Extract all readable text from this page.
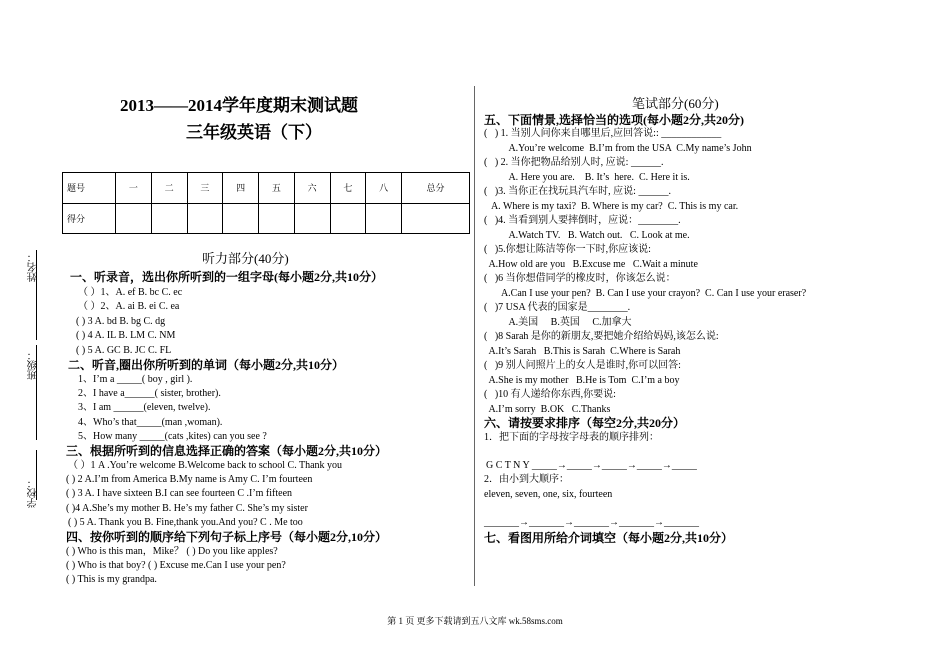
姓名：
班级：
学校：
2013——2014学年度期末测试题
三年级英语（下）
题号	一	二	三	四	五	六	七	八	总分
得分									
听力部分(40分)
一、听录音，选出你所听到的一组字母(每小题2分,共10分）
（ ）1、A. ef B. bc C. ec
（ ）2、A. ai B. ei C. ea
( ) 3 A. bd B. bg C. dg
( ) 4 A. IL B. LM C. NM
( ) 5 A. GC B. JC C. FL
二、听音,圈出你所听到的单词（每小题2分,共10分）
1、I’m a _____( boy , girl ).
2、I have a______( sister, brother).
3、I am ______(eleven, twelve).
4、Who’s that_____(man ,woman).
5、How many _____(cats ,kites) can you see ?
三、根据所听到的信息选择正确的答案（每小题2分,共10分）
（ ）1 A .You’re welcome B.Welcome back to school C. Thank you
( ) 2 A.I’m from America B.My name is Amy C. I’m fourteen
( ) 3 A. I have sixteen B.I can see fourteen C .I’m fifteen
( )4 A.She’s my mother B. He’s my father C. She’s my sister
( ) 5 A. Thank you B. Fine,thank you.And you? C . Me too
四、按你听到的顺序给下列句子标上序号（每小题2分,10分）
( ) Who is this man，Mike？ ( ) Do you like apples?
( ) Who is that boy? ( ) Excuse me.Can I use your pen?
( ) This is my grandpa.
笔试部分(60分)
五、下面情景,选择恰当的选项(每小题2分,共20分)
(   ) 1. 当别人问你来自哪里后,应回答说:: ____________
A.You’re welcome  B.I’m from the USA  C.My name’s John
(   ) 2. 当你把物品给别人时, 应说: ______.
A. Here you are.    B. It’s  here.  C. Here it is.
(   )3. 当你正在找玩具汽车时, 应说: ______.
A. Where is my taxi?  B. Where is my car?  C. This is my car.
(   )4. 当看到别人要摔倒时，应说：________.
A.Watch TV.   B. Watch out.   C. Look at me.
(   )5.你想让陈洁等你一下时,你应该说:
A.How old are you   B.Excuse me   C.Wait a minute
(   )6 当你想借同学的橡皮时，你该怎么说：
A.Can I use your pen?  B. Can I use your crayon?  C. Can I use your eraser?
(   )7 USA 代表的国家是________.
A.美国     B.英国     C.加拿大
(   )8 Sarah 是你的新朋友,要把她介绍给妈妈,该怎么说:
A.It’s Sarah   B.This is Sarah  C.Where is Sarah
(   )9 别人问照片上的女人是谁时,你可以回答:
A.She is my mother   B.He is Tom  C.I’m a boy
(   )10 有人递给你东西,你要说:
A.I’m sorry  B.OK   C.Thanks
六、请按要求排序（每空2分,共20分）
1．把下面的字母按字母表的顺序排列：
G C T N Y _____→_____→_____→_____→_____
2．由小到大顺序：
eleven, seven, one, six, fourteen
_______→_______→_______→_______→_______
七、看图用所给介词填空（每小题2分,共10分）
第 1 页 更多下载请到五八文库 wk.58sms.com
